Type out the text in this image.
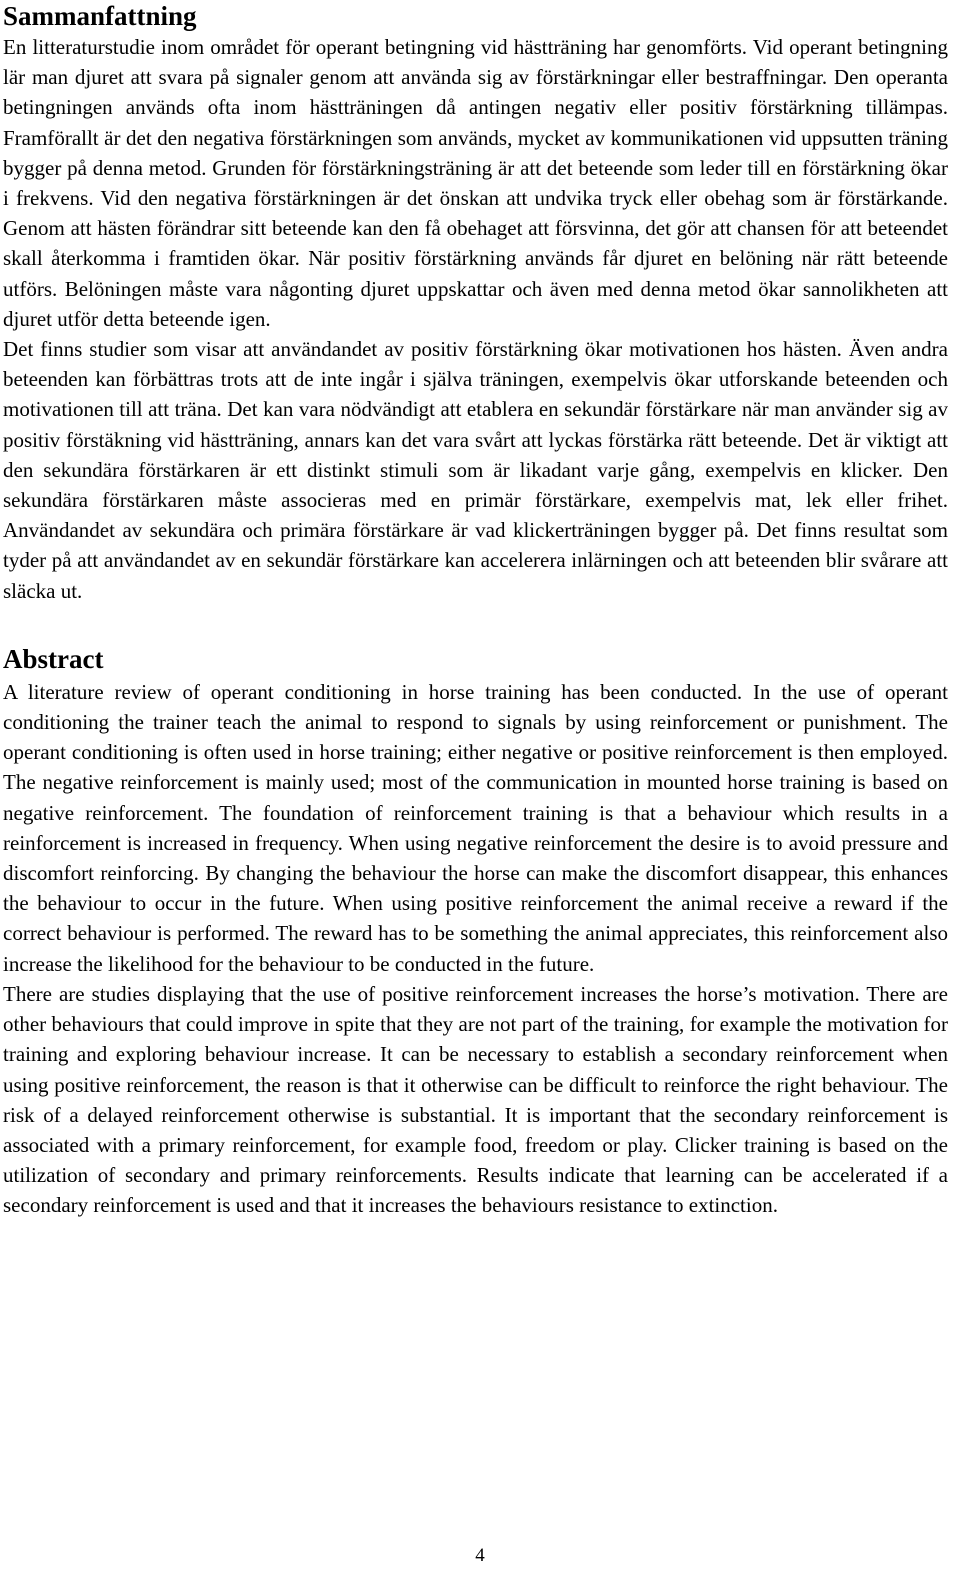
Sammanfattning

En litteraturstudie inom området för operant betingning vid hästträning har genomförts. Vid operant betingning lär man djuret att svara på signaler genom att använda sig av förstärkningar eller bestraffningar. Den operanta betingningen används ofta inom hästträningen då antingen negativ eller positiv förstärkning tillämpas. Framförallt är det den negativa förstärkningen som används, mycket av kommunikationen vid uppsutten träning bygger på denna metod. Grunden för förstärkningsträning är att det beteende som leder till en förstärkning ökar i frekvens. Vid den negativa förstärkningen är det önskan att undvika tryck eller obehag som är förstärkande. Genom att hästen förändrar sitt beteende kan den få obehaget att försvinna, det gör att chansen för att beteendet skall återkomma i framtiden ökar. När positiv förstärkning används får djuret en belöning när rätt beteende utförs. Belöningen måste vara någonting djuret uppskattar och även med denna metod ökar sannolikheten att djuret utför detta beteende igen.

Det finns studier som visar att användandet av positiv förstärkning ökar motivationen hos hästen. Även andra beteenden kan förbättras trots att de inte ingår i själva träningen, exempelvis ökar utforskande beteenden och motivationen till att träna. Det kan vara nödvändigt att etablera en sekundär förstärkare när man använder sig av positiv förstäkning vid hästträning, annars kan det vara svårt att lyckas förstärka rätt beteende. Det är viktigt att den sekundära förstärkaren är ett distinkt stimuli som är likadant varje gång, exempelvis en klicker. Den sekundära förstärkaren måste associeras med en primär förstärkare, exempelvis mat, lek eller frihet. Användandet av sekundära och primära förstärkare är vad klickerträningen bygger på. Det finns resultat som tyder på att användandet av en sekundär förstärkare kan accelerera inlärningen och att beteenden blir svårare att släcka ut.

Abstract

A literature review of operant conditioning in horse training has been conducted. In the use of operant conditioning the trainer teach the animal to respond to signals by using reinforcement or punishment. The operant conditioning is often used in horse training; either negative or positive reinforcement is then employed. The negative reinforcement is mainly used; most of the communication in mounted horse training is based on negative reinforcement. The foundation of reinforcement training is that a behaviour which results in a reinforcement is increased in frequency. When using negative reinforcement the desire is to avoid pressure and discomfort reinforcing. By changing the behaviour the horse can make the discomfort disappear, this enhances the behaviour to occur in the future. When using positive reinforcement the animal receive a reward if the correct behaviour is performed. The reward has to be something the animal appreciates, this reinforcement also increase the likelihood for the behaviour to be conducted in the future.

There are studies displaying that the use of positive reinforcement increases the horse’s motivation. There are other behaviours that could improve in spite that they are not part of the training, for example the motivation for training and exploring behaviour increase. It can be necessary to establish a secondary reinforcement when using positive reinforcement, the reason is that it otherwise can be difficult to reinforce the right behaviour. The risk of a delayed reinforcement otherwise is substantial. It is important that the secondary reinforcement is associated with a primary reinforcement, for example food, freedom or play. Clicker training is based on the utilization of secondary and primary reinforcements. Results indicate that learning can be accelerated if a secondary reinforcement is used and that it increases the behaviours resistance to extinction.

4
